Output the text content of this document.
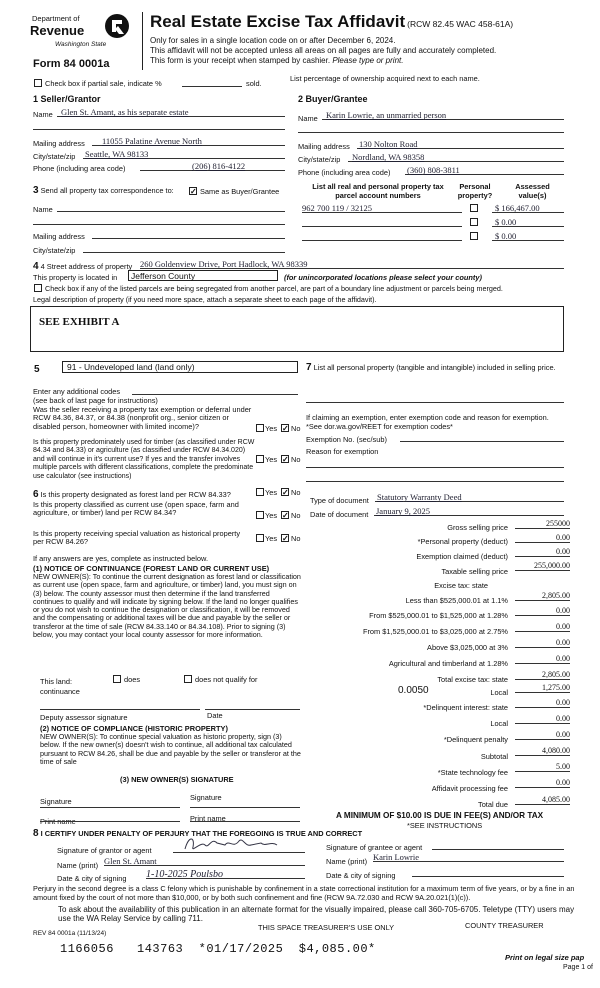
Department of
Revenue
Washington State
Form 84 0001a
Real Estate Excise Tax Affidavit (RCW 82.45 WAC 458-61A)
Only for sales in a single location code on or after December 6, 2024.
This affidavit will not be accepted unless all areas on all pages are fully and accurately completed.
This form is your receipt when stamped by cashier. Please type or print.
Check box if partial sale, indicate %	sold.
List percentage of ownership acquired next to each name.
1 Seller/Grantor
Name Glen St. Amant, as his separate estate
Mailing address	11055 Palatine Avenue North
City/state/zip Seattle, WA 98133
Phone (including area code)	(206) 816-4122
2 Buyer/Grantee
Name Karin Lowrie, an unmarried person
Mailing address 130 Nolton Road
City/state/zip	Nordland, WA 98358
Phone (including area code) (360) 808-3811
3 Send all property tax correspondence to: ✓ Same as Buyer/Grantee
Name
Mailing address
City/state/zip
List all real and personal property tax parcel account numbers
Personal property?
Assessed value(s)
962 700 119 / 32125	$ 166,467.00
$ 0.00
$ 0.00
4 4 Street address of property 260 Goldenview Drive, Port Hadlock, WA 98339
This property is located in	Jefferson County	(for unincorporated locations please select your county)
Check box if any of the listed parcels are being segregated from another parcel, are part of a boundary line adjustment or parcels being merged.
Legal description of property (if you need more space, attach a separate sheet to each page of the affidavit).
SEE EXHIBIT A
5	91 - Undeveloped land (land only)
Enter any additional codes
(see back of last page for instructions)
Was the seller receiving a property tax exemption or deferral under RCW 84.36, 84.37, or 84.38 (nonprofit org., senior citizen or disabled person, homeowner with limited income)?	Yes ✓ No
Is this property predominately used for timber (as classified under RCW 84.34 and 84.33) or agriculture (as classified under RCW 84.34.020) and will continue in it's current use? If yes and the transfer involves multiple parcels with different classifications, complete the predominate use calculator (see instructions)
Yes ✓ No
6 Is this property designated as forest land per RCW 84.33?	Yes ✓ No
Is this property classified as current use (open space, farm and agriculture, or timber) land per RCW 84.34?	Yes ✓ No
Is this property receiving special valuation as historical property per RCW 84.26?	Yes ✓ No
If any answers are yes, complete as instructed below.
(1) NOTICE OF CONTINUANCE (FOREST LAND OR CURRENT USE)
NEW OWNER(S): To continue the current designation as forest land or classification as current use (open space, farm and agriculture, or timber) land, you must sign on (3) below. The county assessor must then determine if the land transferred continues to qualify and will indicate by signing below. If the land no longer qualifies or you do not wish to continue the designation or classification, it will be removed and the compensating or additional taxes will be due and payable by the seller or transferor at the time of sale (RCW 84.33.140 or 84.34.108). Prior to signing (3) below, you may contact your local county assessor for more information.
This land:
continuance
does	does not qualify for
Deputy assessor signature	Date
(2) NOTICE OF COMPLIANCE (HISTORIC PROPERTY)
NEW OWNER(S): To continue special valuation as historic property, sign (3) below. If the new owner(s) doesn't wish to continue, all additional tax calculated pursuant to RCW 84.26, shall be due and payable by the seller or transferor at the time of sale
(3) NEW OWNER(S) SIGNATURE
Signature	Signature
Print name	Print name
7 List all personal property (tangible and intangible) included in selling price.
If claiming an exemption, enter exemption code and reason for exemption. *See dor.wa.gov/REET for exemption codes*
Exemption No. (sec/sub)
Reason for exemption
Type of document Statutory Warranty Deed
Date of document January 9, 2025
Gross selling price	255000
*Personal property (deduct)	0.00
Exemption claimed (deduct)
0.00
Taxable selling price
255,000.00
Excise tax: state
Less than $525,000.01 at 1.1%
2,805.00
From $525,000.01 to $1,525,000 at 1.28%
0.00
From $1,525,000.01 to $3,025,000 at 2.75%
0.00
Above $3,025,000 at 3%
0.00
Agricultural and timberland at 1.28%
0.00
Total excise tax: state
2,805.00
0.0050	Local
1,275.00
*Delinquent interest: state
0.00
Local
0.00
*Delinquent penalty
0.00
Subtotal
4,080.00
*State technology fee
5.00
Affidavit processing fee
0.00
Total due
4,085.00
A MINIMUM OF $10.00 IS DUE IN FEE(S) AND/OR TAX
*SEE INSTRUCTIONS
8 I CERTIFY UNDER PENALTY OF PERJURY THAT THE FOREGOING IS TRUE AND CORRECT
Signature of grantor or agent	Signature of grantee or agent
Name (print) Glen St. Amant	Name (print) Karin Lowrie
Date & city of signing 1-10-2025 Poulsbo	Date & city of signing
Perjury in the second degree is a class C felony which is punishable by confinement in a state correctional institution for a maximum term of five years, or by a fine in an amount fixed by the court of not more than $10,000, or by both such confinement and fine (RCW 9A.72.030 and RCW 9A.20.021(1)(c)).
To ask about the availability of this publication in an alternate format for the visually impaired, please call 360-705-6705. Teletype (TTY) users may use the WA Relay Service by calling 711.
REV 84 0001a (11/13/24)
THIS SPACE TREASURER'S USE ONLY	COUNTY TREASURER
1166056   143763  *01/17/2025  $4,085.00*
Print on legal size pap
Page 1 of
